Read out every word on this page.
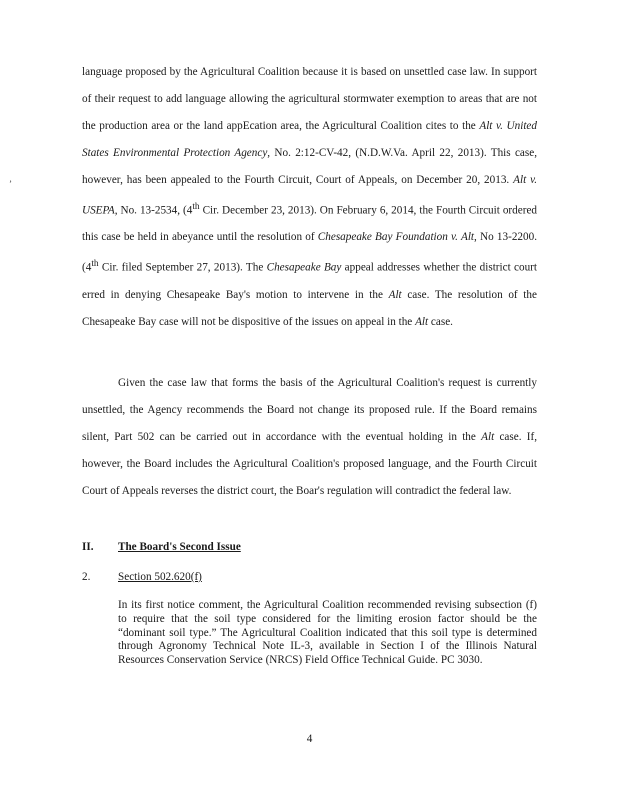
’

language proposed by the Agricultural Coalition because it is based on unsettled case law. In support of their request to add language allowing the agricultural stormwater exemption to areas that are not the production area or the land appEcation area, the Agricultural Coalition cites to the Alt v. United States Environmental Protection Agency, No. 2:12-CV-42, (N.D.W.Va. April 22, 2013). This case, however, has been appealed to the Fourth Circuit, Court of Appeals, on December 20, 2013. Alt v. USEPA, No. 13-2534, (4th Cir. December 23, 2013). On February 6, 2014, the Fourth Circuit ordered this case be held in abeyance until the resolution of Chesapeake Bay Foundation v. Alt, No 13-2200. (4th Cir. filed September 27, 2013). The Chesapeake Bay appeal addresses whether the district court erred in denying Chesapeake Bay's motion to intervene in the Alt case. The resolution of the Chesapeake Bay case will not be dispositive of the issues on appeal in the Alt case.

Given the case law that forms the basis of the Agricultural Coalition's request is currently unsettled, the Agency recommends the Board not change its proposed rule. If the Board remains silent, Part 502 can be carried out in accordance with the eventual holding in the Alt case. If, however, the Board includes the Agricultural Coalition's proposed language, and the Fourth Circuit Court of Appeals reverses the district court, the Boar's regulation will contradict the federal law.

II. The Board's Second Issue

2. Section 502.620(f)

In its first notice comment, the Agricultural Coalition recommended revising subsection (f) to require that the soil type considered for the limiting erosion factor should be the “dominant soil type.” The Agricultural Coalition indicated that this soil type is determined through Agronomy Technical Note IL-3, available in Section I of the Illinois Natural Resources Conservation Service (NRCS) Field Office Technical Guide. PC 3030.

4
